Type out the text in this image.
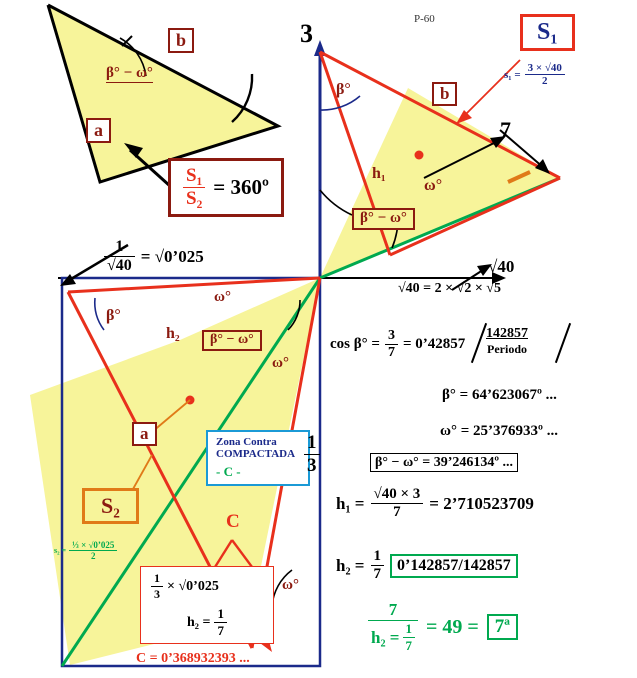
P-60
β° − ω°
b
a
3
$\frac{\text{S₁}}{\text{S₂}}$ = 360º
$\frac{1}{√40}$ = √0’025
β°	b
7
S₁
$s_1 = \frac{3 \times √40}{2}$
h₁
ω°
β° − ω°
√40
√40 = 2 × √2 × √5
β°
h₂
ω°
β° − ω°
ω°
ω°
a	Zona Contra
COMPACTADA
- C -	$\frac{1}{3}$
S₂
$s_2 = \frac{\text{⅓ × √0’025}}{2}$
C
$\frac{1}{3}$ × √0’025
$h_2 = \frac{1}{7}$
C = 0’368932393 ...
$\cos \beta^\circ = \frac{3}{7}$ = 0’42857
142857
Periodo
β° = 64’623067º ...
ω° = 25’376933º ...
β° − ω° = 39’246134º ...
$h_1 = \frac{√40 \times 3}{7}$ = 2’710523709
$h_2 = \frac{1}{7}$ 0’142857/142857
$\frac{7}{h_2 = \frac{1}{7}} = 49$ = 7ª
